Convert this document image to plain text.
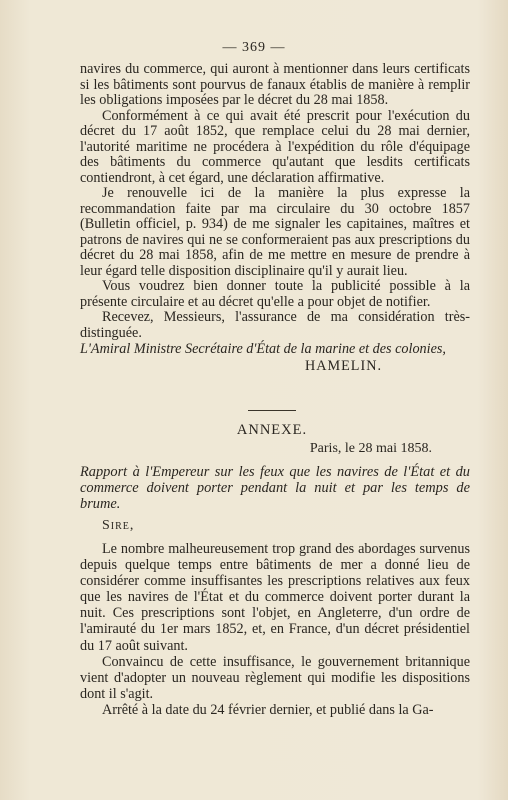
— 369 —

navires du commerce, qui auront à mentionner dans leurs certificats si les bâtiments sont pourvus de fanaux établis de manière à remplir les obligations imposées par le décret du 28 mai 1858.

Conformément à ce qui avait été prescrit pour l'exécution du décret du 17 août 1852, que remplace celui du 28 mai dernier, l'autorité maritime ne procédera à l'expédition du rôle d'équipage des bâtiments du commerce qu'autant que lesdits certificats contiendront, à cet égard, une déclaration affirmative.

Je renouvelle ici de la manière la plus expresse la recommandation faite par ma circulaire du 30 octobre 1857 (Bulletin officiel, p. 934) de me signaler les capitaines, maîtres et patrons de navires qui ne se conformeraient pas aux prescriptions du décret du 28 mai 1858, afin de me mettre en mesure de prendre à leur égard telle disposition disciplinaire qu'il y aurait lieu.

Vous voudrez bien donner toute la publicité possible à la présente circulaire et au décret qu'elle a pour objet de notifier.

Recevez, Messieurs, l'assurance de ma considération très-distinguée.

L'Amiral Ministre Secrétaire d'État de la marine et des colonies,

HAMELIN.

ANNEXE.
Paris, le 28 mai 1858.

Rapport à l'Empereur sur les feux que les navires de l'État et du commerce doivent porter pendant la nuit et par les temps de brume.

Sire,

Le nombre malheureusement trop grand des abordages survenus depuis quelque temps entre bâtiments de mer a donné lieu de considérer comme insuffisantes les prescriptions relatives aux feux que les navires de l'État et du commerce doivent porter durant la nuit. Ces prescriptions sont l'objet, en Angleterre, d'un ordre de l'amirauté du 1er mars 1852, et, en France, d'un décret présidentiel du 17 août suivant.

Convaincu de cette insuffisance, le gouvernement britannique vient d'adopter un nouveau règlement qui modifie les dispositions dont il s'agit.

Arrêté à la date du 24 février dernier, et publié dans la Ga-
